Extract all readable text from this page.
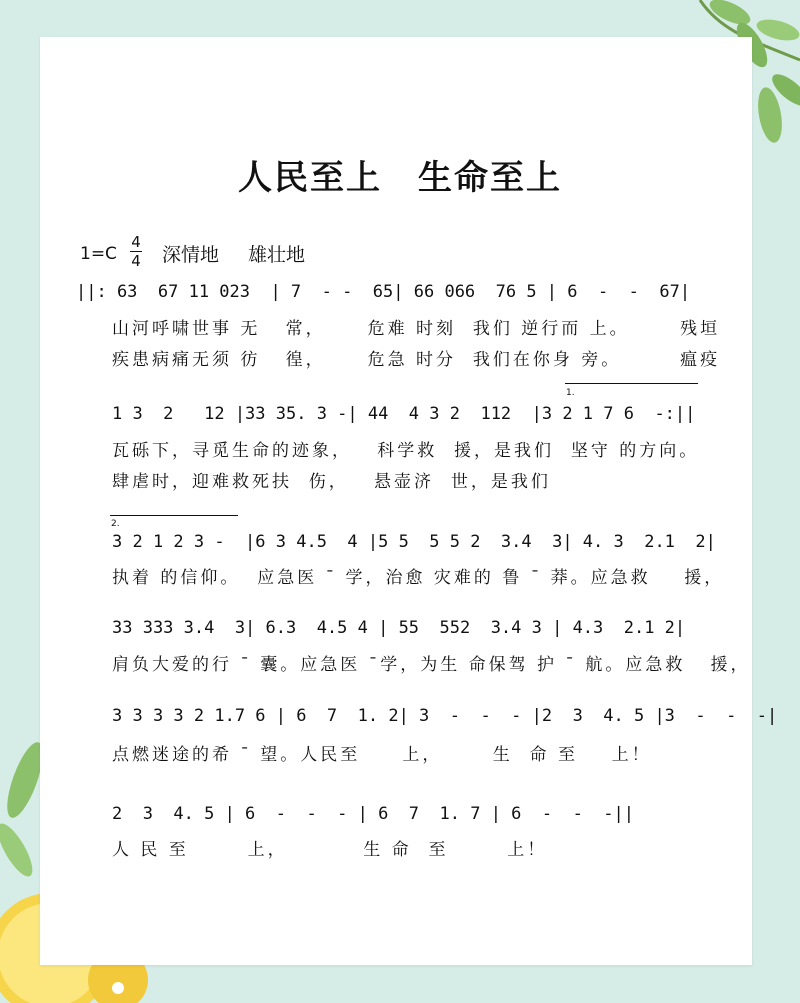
人民至上　生命至上
1=C
4
4 深情地 雄壮地
||: 63  67 11 023  | 7  - -  65| 66 066  76 5 | 6  -  -  67|
山河呼啸世事 无   常，     危难 时刻  我们 逆行而 上。      残垣
疾患病痛无须 彷   徨，     危急 时分  我们在你身 旁。       瘟疫
1.
1 3  2   12 |33 35. 3 -| 44  4 3 2  112  |3 2 1 7 6  -:||
瓦砾下，寻觅生命的迹象，   科学救  援，是我们  坚守 的方向。
肆虐时，迎难救死扶  伤，   悬壶济  世，是我们
2.
3 2 1 2 3 -  |6 3 4.5  4 |5 5  5 5 2  3.4  3| 4. 3  2.1  2|
执着 的信仰。  应急医 ˉ 学，治愈 灾难的 鲁 ˉ 莽。应急救    援，
33 333 3.4  3| 6.3  4.5 4 | 55  552  3.4 3 | 4.3  2.1 2|
肩负大爱的行 ˉ 囊。应急医 ˉ学，为生 命保驾 护 ˉ 航。应急救   援，
3 3 3 3 2 1.7 6 | 6  7  1. 2| 3  -  -  - |2  3  4. 5 |3  -  -  -|
点燃迷途的希 ˉ 望。人民至     上，      生  命 至    上！
2  3  4. 5 | 6  -  -  - | 6  7  1. 7 | 6  -  -  -||
人 民 至       上，         生 命  至       上！
